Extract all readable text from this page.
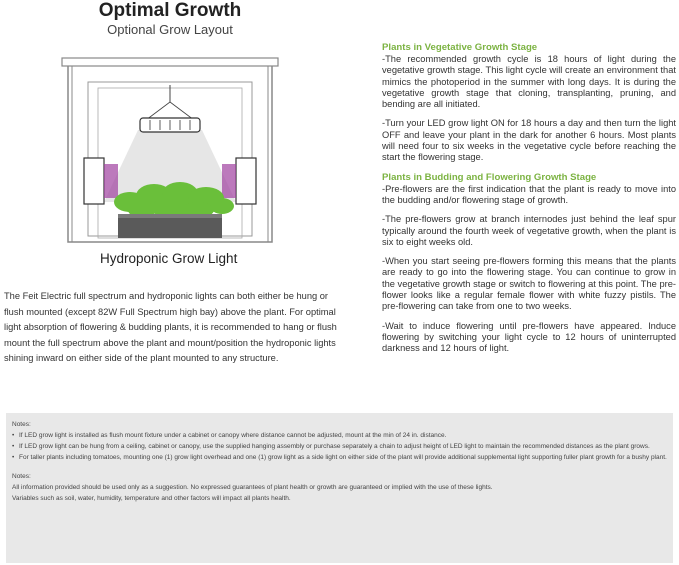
Optimal Growth
Optional Grow Layout
Hydroponic Grow Light

The Feit Electric full spectrum and hydroponic lights can both either be hung or flush mounted (except 82W Full Spectrum high bay) above the plant. For optimal light absorption of flowering & budding plants, it is recommended to hang or flush mount the full spectrum above the plant and mount/position the hydroponic lights shining inward on either side of the plant mounted to any structure.

Plants in Vegetative Growth Stage

-The recommended growth cycle is 18 hours of light during the vegetative growth stage. This light cycle will create an environment that mimics the photoperiod in the summer with long days. It is during the vegetative growth stage that cloning, transplanting, pruning, and bending are all initiated.

-Turn your LED grow light ON for 18 hours a day and then turn the light OFF and leave your plant in the dark for another 6 hours. Most plants will need four to six weeks in the vegetative cycle before reaching the start the flowering stage.

Plants in Budding and Flowering Growth Stage

-Pre-flowers are the first indication that the plant is ready to move into the budding and/or flowering stage of growth.

-The pre-flowers grow at branch internodes just behind the leaf spur typically around the fourth week of vegetative growth, when the plant is six to eight weeks old.

-When you start seeing pre-flowers forming this means that the plants are ready to go into the flowering stage. You can continue to grow in the vegetative growth stage or switch to flowering at this point. The pre-flower looks like a regular female flower with white fuzzy pistils. The pre-flowering can take from one to two weeks.

-Wait to induce flowering until pre-flowers have appeared. Induce flowering by switching your light cycle to 12 hours of uninterrupted darkness and 12 hours of light.

Notes:

• If LED grow light is installed as flush mount fixture under a cabinet or canopy where distance cannot be adjusted, mount at the min of 24 in. distance.
• If LED grow light can be hung from a ceiling, cabinet or canopy, use the supplied hanging assembly or purchase separately a chain to adjust height of LED light to maintain the recommended distances as the plant grows.
• For taller plants including tomatoes, mounting one (1) grow light overhead and one (1) grow light as a side light on either side of the plant will provide additional supplemental light supporting fuller plant growth for a bushy plant.

Notes:

All information provided should be used only as a suggestion. No expressed guarantees of plant health or growth are guaranteed or implied with the use of these lights.

Variables such as soil, water, humidity, temperature and other factors will impact all plants health.
